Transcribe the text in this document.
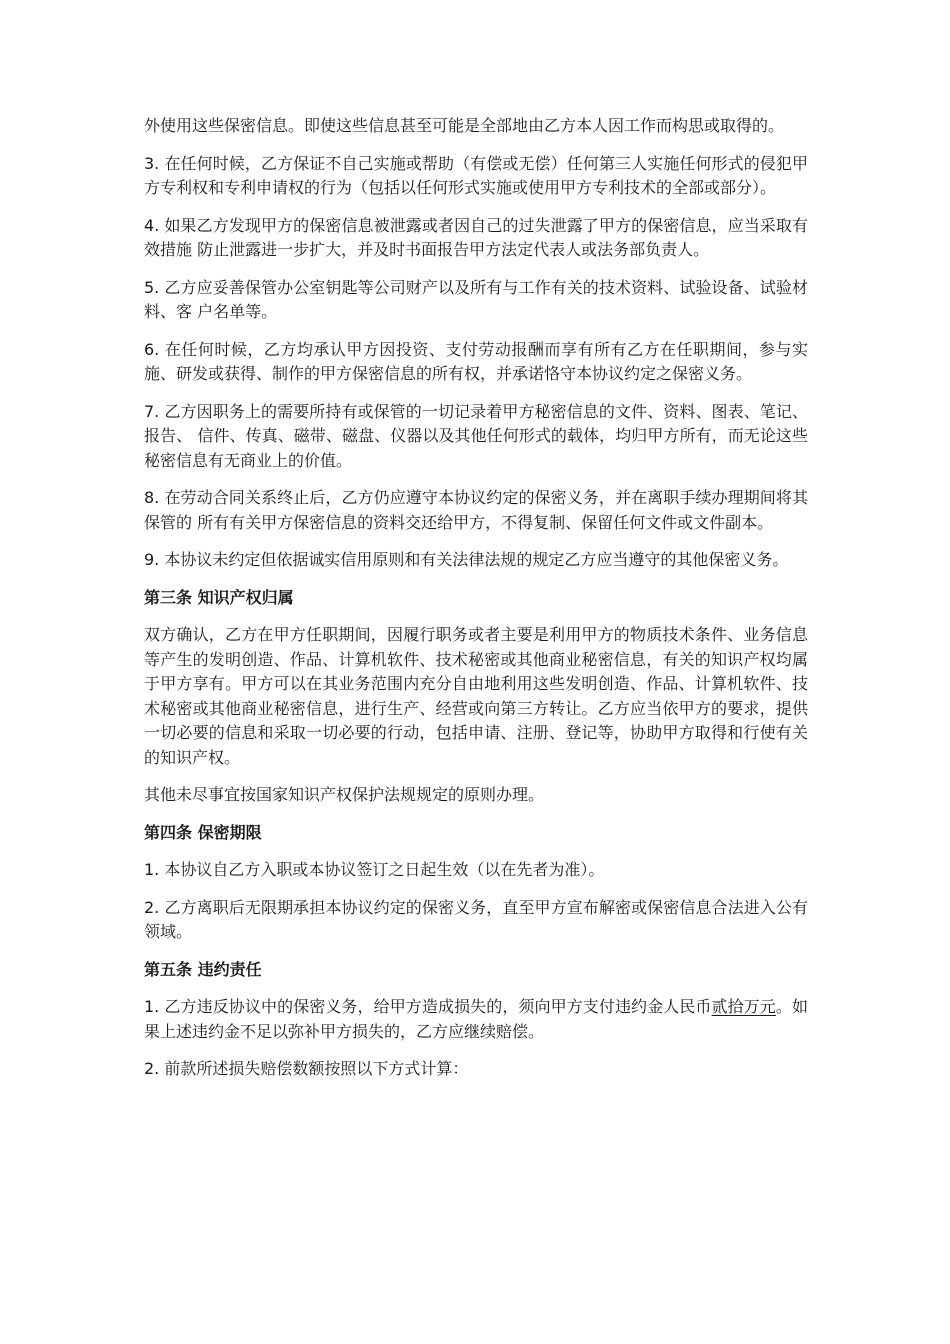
外使用这些保密信息。即使这些信息甚至可能是全部地由乙方本人因工作而构思或取得的。

3. 在任何时候，乙方保证不自己实施或帮助（有偿或无偿）任何第三人实施任何形式的侵犯甲方专利权和专利申请权的行为（包括以任何形式实施或使用甲方专利技术的全部或部分）。

4. 如果乙方发现甲方的保密信息被泄露或者因自己的过失泄露了甲方的保密信息，应当采取有效措施 防止泄露进一步扩大，并及时书面报告甲方法定代表人或法务部负责人。

5. 乙方应妥善保管办公室钥匙等公司财产以及所有与工作有关的技术资料、试验设备、试验材料、客 户名单等。

6. 在任何时候，乙方均承认甲方因投资、支付劳动报酬而享有所有乙方在任职期间，参与实施、研发或获得、制作的甲方保密信息的所有权，并承诺恪守本协议约定之保密义务。

7. 乙方因职务上的需要所持有或保管的一切记录着甲方秘密信息的文件、资料、图表、笔记、报告、 信件、传真、磁带、磁盘、仪器以及其他任何形式的载体，均归甲方所有，而无论这些秘密信息有无商业上的价值。

8. 在劳动合同关系终止后，乙方仍应遵守本协议约定的保密义务，并在离职手续办理期间将其保管的 所有有关甲方保密信息的资料交还给甲方，不得复制、保留任何文件或文件副本。

9. 本协议未约定但依据诚实信用原则和有关法律法规的规定乙方应当遵守的其他保密义务。

第三条 知识产权归属

双方确认，乙方在甲方任职期间，因履行职务或者主要是利用甲方的物质技术条件、业务信息等产生的发明创造、作品、计算机软件、技术秘密或其他商业秘密信息，有关的知识产权均属于甲方享有。甲方可以在其业务范围内充分自由地利用这些发明创造、作品、计算机软件、技术秘密或其他商业秘密信息，进行生产、经营或向第三方转让。乙方应当依甲方的要求，提供一切必要的信息和采取一切必要的行动，包括申请、注册、登记等，协助甲方取得和行使有关的知识产权。

其他未尽事宜按国家知识产权保护法规规定的原则办理。

第四条 保密期限

1. 本协议自乙方入职或本协议签订之日起生效（以在先者为准）。

2. 乙方离职后无限期承担本协议约定的保密义务，直至甲方宣布解密或保密信息合法进入公有领域。

第五条 违约责任

1. 乙方违反协议中的保密义务，给甲方造成损失的，须向甲方支付违约金人民币贰拾万元。如果上述违约金不足以弥补甲方损失的，乙方应继续赔偿。

2. 前款所述损失赔偿数额按照以下方式计算：
